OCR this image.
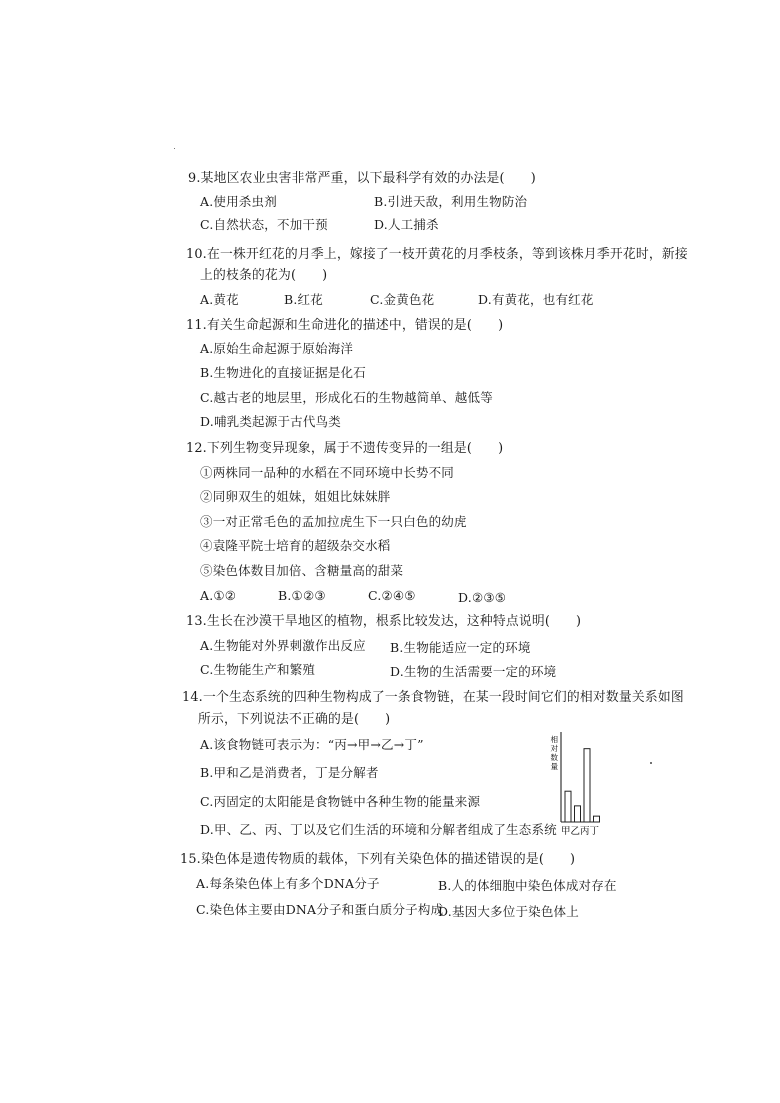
9.某地区农业虫害非常严重，以下最科学有效的办法是(　　)
A.使用杀虫剂	B.引进天敌，利用生物防治
C.自然状态，不加干预	D.人工捕杀
10.在一株开红花的月季上，嫁接了一枝开黄花的月季枝条，等到该株月季开花时，新接
上的枝条的花为(　　)
A.黄花	B.红花	C.金黄色花	D.有黄花，也有红花
11.有关生命起源和生命进化的描述中，错误的是(　　)
A.原始生命起源于原始海洋
B.生物进化的直接证据是化石
C.越古老的地层里，形成化石的生物越简单、越低等
D.哺乳类起源于古代鸟类
12.下列生物变异现象，属于不遗传变异的一组是(　　)
①两株同一品种的水稻在不同环境中长势不同
②同卵双生的姐妹，姐姐比妹妹胖
③一对正常毛色的孟加拉虎生下一只白色的幼虎
④袁隆平院士培育的超级杂交水稻
⑤染色体数目加倍、含糖量高的甜菜
A.①②	B.①②③	C.②④⑤	D.②③⑤
13.生长在沙漠干旱地区的植物，根系比较发达，这种特点说明(　　)
A.生物能对外界刺激作出反应 B.生物能适应一定的环境
C.生物能生产和繁殖	D.生物的生活需要一定的环境
14.一个生态系统的四种生物构成了一条食物链，在某一段时间它们的相对数量关系如图
所示，下列说法不正确的是(　　)
A.该食物链可表示为：“丙→甲→乙→丁”
B.甲和乙是消费者，丁是分解者
C.丙固定的太阳能是食物链中各种生物的能量来源
D.甲、乙、丙、丁以及它们生活的环境和分解者组成了生态系统
相对数量
甲乙丙丁
15.染色体是遗传物质的载体，下列有关染色体的描述错误的是(　　)
A.每条染色体上有多个DNA分子	B.人的体细胞中染色体成对存在
C.染色体主要由DNA分子和蛋白质分子构成
D.基因大多位于染色体上
